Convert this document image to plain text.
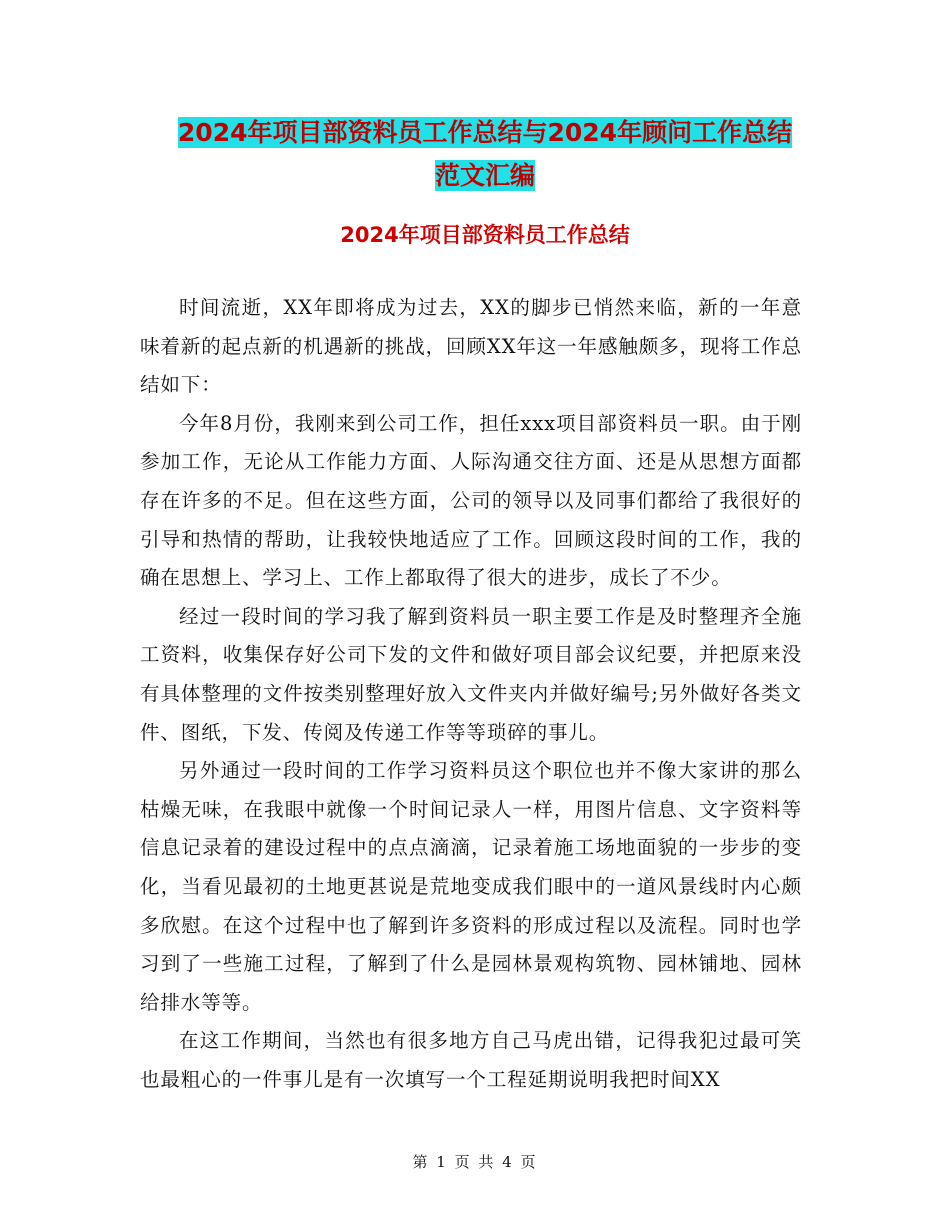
2024年项目部资料员工作总结与2024年顾问工作总结
范文汇编
2024年项目部资料员工作总结

时间流逝，XX年即将成为过去，XX的脚步已悄然来临，新的一年意味着新的起点新的机遇新的挑战，回顾XX年这一年感触颇多，现将工作总结如下：

今年8月份，我刚来到公司工作，担任xxx项目部资料员一职。由于刚参加工作，无论从工作能力方面、人际沟通交往方面、还是从思想方面都存在许多的不足。但在这些方面，公司的领导以及同事们都给了我很好的引导和热情的帮助，让我较快地适应了工作。回顾这段时间的工作，我的确在思想上、学习上、工作上都取得了很大的进步，成长了不少。

经过一段时间的学习我了解到资料员一职主要工作是及时整理齐全施工资料，收集保存好公司下发的文件和做好项目部会议纪要，并把原来没有具体整理的文件按类别整理好放入文件夹内并做好编号;另外做好各类文件、图纸，下发、传阅及传递工作等等琐碎的事儿。

另外通过一段时间的工作学习资料员这个职位也并不像大家讲的那么枯燥无味，在我眼中就像一个时间记录人一样，用图片信息、文字资料等信息记录着的建设过程中的点点滴滴，记录着施工场地面貌的一步步的变化，当看见最初的土地更甚说是荒地变成我们眼中的一道风景线时内心颇多欣慰。在这个过程中也了解到许多资料的形成过程以及流程。同时也学习到了一些施工过程，了解到了什么是园林景观构筑物、园林铺地、园林给排水等等。

在这工作期间，当然也有很多地方自己马虎出错，记得我犯过最可笑也最粗心的一件事儿是有一次填写一个工程延期说明我把时间XX

第 1 页 共 4 页
